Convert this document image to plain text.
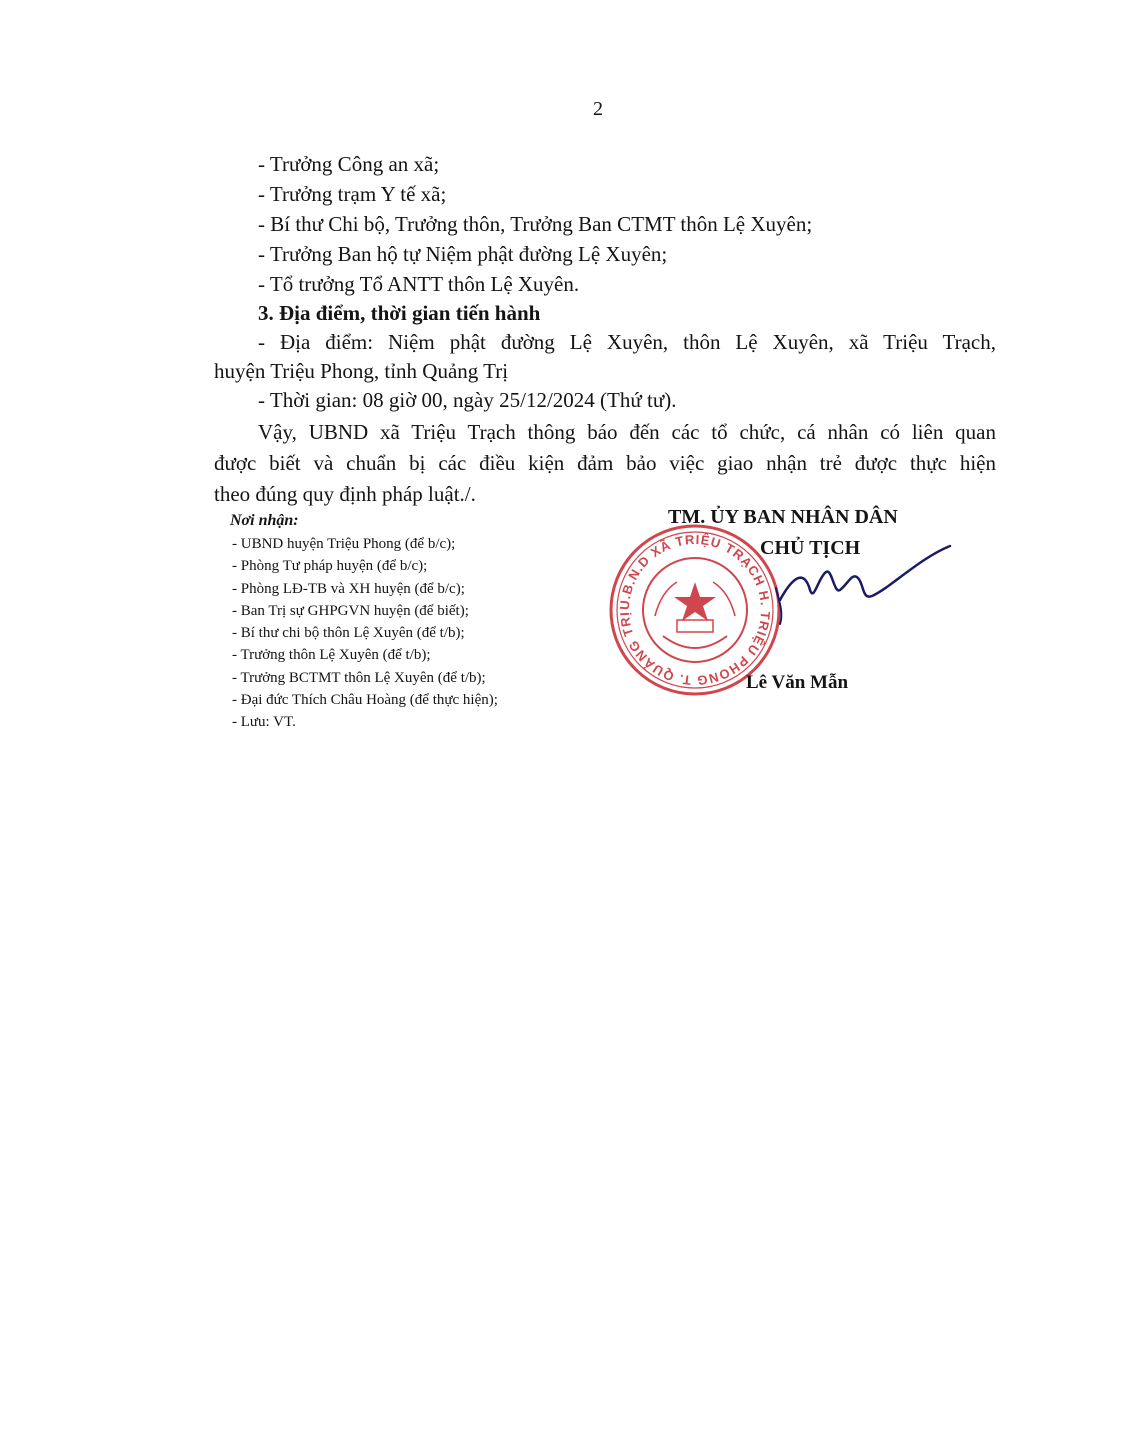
2
- Trưởng Công an xã;
- Trưởng trạm Y tế xã;
- Bí thư Chi bộ, Trưởng thôn, Trưởng Ban CTMT thôn Lệ Xuyên;
- Trưởng Ban hộ tự Niệm phật đường Lệ Xuyên;
- Tổ trưởng Tổ ANTT thôn Lệ Xuyên.
3. Địa điểm, thời gian tiến hành
- Địa điểm: Niệm phật đường Lệ Xuyên, thôn Lệ Xuyên, xã Triệu Trạch,
huyện Triệu Phong, tỉnh Quảng Trị
- Thời gian: 08 giờ 00, ngày 25/12/2024 (Thứ tư).
Vậy, UBND xã Triệu Trạch thông báo đến các tổ chức, cá nhân có liên quan
được biết và chuẩn bị các điều kiện đảm bảo việc giao nhận trẻ được thực hiện
theo đúng quy định pháp luật./.
Nơi nhận:
- UBND huyện Triệu Phong (để b/c);
- Phòng Tư pháp huyện (để b/c);
- Phòng LĐ-TB và XH huyện (để b/c);
- Ban Trị sự GHPGVN huyện (để biết);
- Bí thư chi bộ thôn Lệ Xuyên (để t/b);
- Trưởng thôn Lệ Xuyên (để t/b);
- Trưởng BCTMT thôn Lệ Xuyên (để t/b);
- Đại đức Thích Châu Hoàng (để thực hiện);
- Lưu: VT.
U.B.N.D XÃ TRIỆU TRẠCH H. TRIỆU PHONG T. QUẢNG TRỊ
TM. ỦY BAN NHÂN DÂN
CHỦ TỊCH
Lê Văn Mẫn
